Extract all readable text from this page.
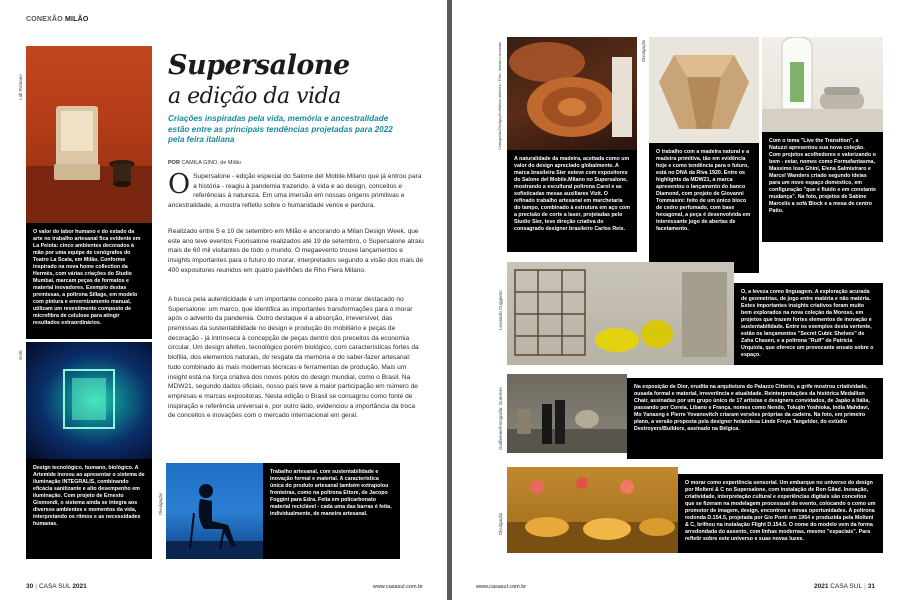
CONEXÃO MILÃO
Lab Romano
O valor do labor humano e do estado da arte no trabalho artesanal fica evidente em La Pelota: cinco ambientes decorados à mão por uma equipe de cenógrafos do Teatro La Scala, em Milão. Conforme inspirado na nova home collection da Hermès, com várias criações do Studio Mumbai, marcam peças de formatos e material inovadores. Exemplo destas premissas, a poltrona Sillage, em modelo com pintura e envernizamento manual, utilizam um revestimento composto de microfibra de celulose para atingir resultados extraordinários.
Gutti
Design tecnológico, humano, biológico. A Artemide inovou ao apresentar o sistema de iluminação INTEGRALIS, combinando eficácia sanitizante e alto desempenho em iluminação. Com projeto de Ernesto Gismondi, o sistema ainda se integra aos diversos ambientes e momentos da vida, interpretando os ritmos e as necessidades humanas.
Divulgação
Trabalho artesanal, com sustentabilidade e inovação formal e material. A característica única do produto artesanal também extrapolou fronteiras, como na poltrona Ettore, de Jacopo Foggini para Edra. Feita em policarbonato material reciclável - cada uma das barras é feita, individualmente, de maneira artesanal.
Supersalone
a edição da vida
Criações inspiradas pela vida, memória e ancestralidade estão entre as principais tendências projetadas para 2022 pela feira italiana
POR CAMILA GINO, de Milão
O Supersalone - edição especial do Salone del Mobile.Milano que já entrou para a história - reagiu à pandemia trazendo, à vida e ao design, conceitos e referências à natureza. Em uma imersão em nossas origens primitivas e ancestralidade, a mostra refletiu sobre o humanidade vence e perdura.
Realizado entre 5 e 10 de setembro em Milão e ancorando a Milan Design Week, que este ano teve eventos Fuorisalone realizados até 19 de setembro, o Supersalone atraiu mais de 60 mil visitantes de todo o mundo. O megaevento trouxe lançamentos e insights importantes para o futuro do morar, interpretados segundo a visão dos mais de 400 expositores reunidos em quatro pavilhões de Rho Fiera Milano.
A busca pela autenticidade é um importante conceito para o morar destacado no Supersalone: um marco, que identifica as importantes transformações para o morar após o advento da pandemia. Outro destaque é a absorção, irreversível, das premissas da sustentabilidade no design e produção do mobiliário e peças de decoração - já intrínseca à concepção de peças dentro dos preceitos da economia circular. Um design afetivo, tecnológico porém biológico, com características fortes da biofilia, dos elementos naturais, do resgate da memória e do saber-fazer artesanal: tudo combinado às mais modernas técnicas e ferramentas de produção. Mais um insight está na força criativa dos novos polos do design mundial, como o Brasil. Na MDW21, segundo dados oficiais, nosso país teve a maior participação em número de empresas e marcas expositoras. Nesta edição o Brasil se consagrou como fonte de inspiração e referência universal e, por outro lado, evidenciou a importância da troca de conceitos e inovações com o mercado internacional em geral.
30 | CASA SUL 2021	www.casasul.com.br
Cartografia/Divulgação/Milano Interiors / Foto: Valeria Lombardo
A naturalidade da madeira, aceitada como um valor do design apreciado globalmente. A marca brasileira Sier esteve com expositores do Salone del Mobile.Milano no Supersalone, mostrando a escultural poltrona Carol e as sofisticadas mesas auxiliares Vizit. O refinado trabalho artesanal em marchetaria do tampo, combinado à estrutura em aço com a precisão de corte a laser, projetadas pelo Studio Sier, teve direção criativa do consagrado designer brasileiro Carlos Reis.
Divulgação
O trabalho com a madeira natural e a madeira primitiva, tão em evidência hoje e como tendência para o futuro, está no DNA da Riva 1920. Entre os highlights da MDW21, a marca apresentou o lançamento do banco Diamond, com projeto de Giovanni Tommasini: feito de um único bloco de cedro perfumado, com base hexagonal, a peça é desenvolvida em interessante jogo de abertas de facetamento.
Com o tema "Live the Transition", a Natuzzi apresentou sua nova coleção. Com projetos acolhedores e valorizando o bem - estar, nomes como Formafantasma, Massimo Iosa Ghini, Elena Salmistraro e Marcel Wanders criado segundo ideias para um novo espaço doméstico, em configuração "que é fluido e em constante mudança". Na foto, projetos de Sabine Marcelis a sofá Block e a mesa de centro Patio.
Leonardo Duggento	O, a leveza como linguagem. A exploração acurada de geometrias, de jogo entre matéria e não matéria. Estes importantes insights criativos foram muito bem explorados na nova coleção da Moroso, em projetos que trazem fortes elementos de inovação e sustentabilidade. Entre os exemplos desta vertente, estão os lançamentos "Secret Cubic Shelves" de Zaha Chasen, e a poltrona "Ruff" de Patricia Urquiola, que oferece um provocante ensaio sobre o espaço.
Guilherme/Fotografia: Guerrero
Na exposição de Dior, erudita na arquitetura do Palazzo Citterio, a grife mostrou criatividade, ousada formal e material, irreverência e atualidade. Reinterpretações da histórica Medallion Chair, assinadas por um grupo único de 17 artistas e designers convidados, de Japão à Itália, passando por Coreia, Líbano e França, nomes como Nendo, Tokujin Yoshioka, India Mahdavi, Mo Yanasng e Pierre Yovanovitch criaram versões próprias da cadeira. Na foto, em primeiro plano, a versão proposta pela designer holandesa Linde Freya Tangelder, do estúdio Destroyers/Builders, assinado na Bélgica.
Divulgação
O morar como experiência sensorial. Um embarque no universo do design por Molteni & C no Supersalone, com instalação de Ron Gilad. Inovação, criatividade, interpretação cultural e experiências digitais são conceitos que se fizeram na modelagem processual do evento, colocando o como um promotor de imagem, design, encontros e novas oportunidades. A poltrona redonda D.154.5, projetada por Gio Ponti em 1954 e produzida pela Molteni & C, brilhou na instalação Flight D.154.5. O nome do modelo vem da forma arredondada do assento, com linhas modernas, mesmo "espaciais". Para refletir sobre este universo e suas novas luzes.
www.casasul.com.br	2021 CASA SUL | 31
